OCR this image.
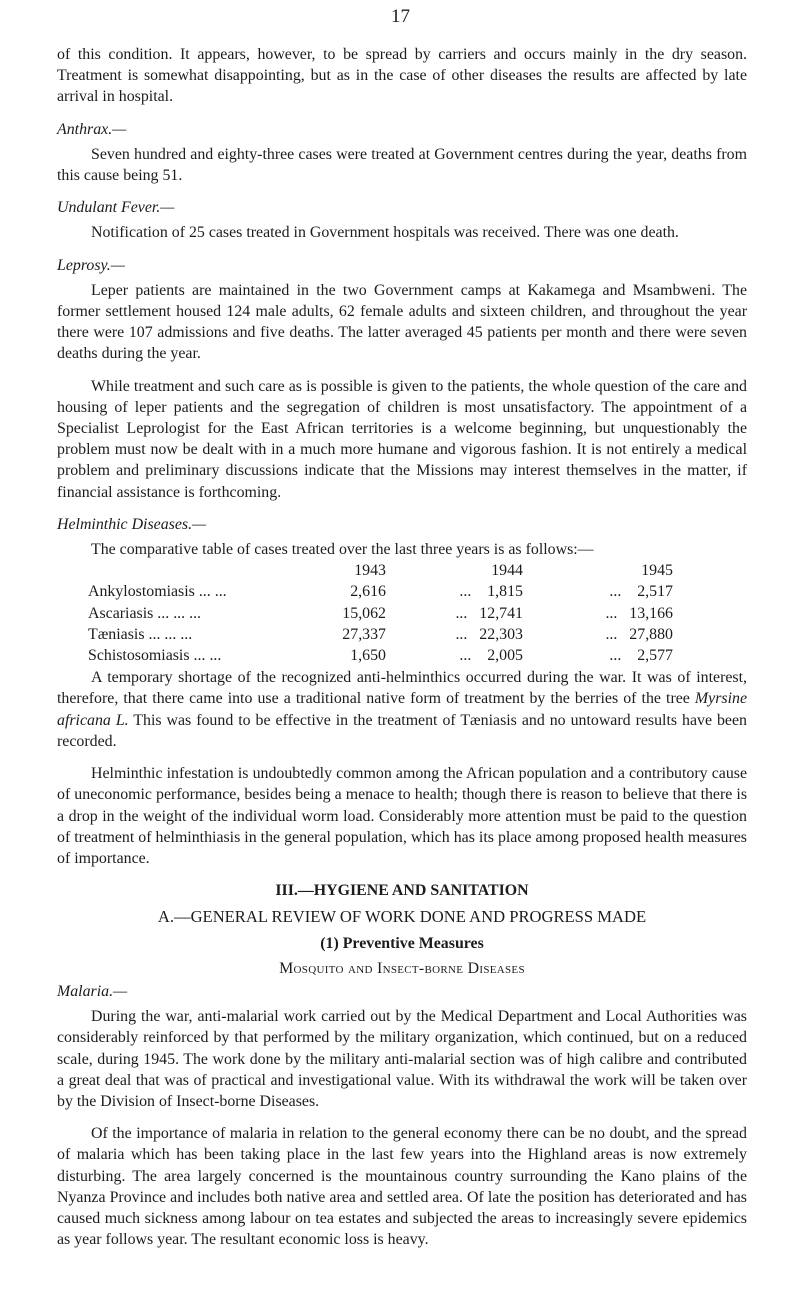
17

of this condition. It appears, however, to be spread by carriers and occurs mainly in the dry season. Treatment is somewhat disappointing, but as in the case of other diseases the results are affected by late arrival in hospital.

Anthrax.—

Seven hundred and eighty-three cases were treated at Government centres during the year, deaths from this cause being 51.

Undulant Fever.—

Notification of 25 cases treated in Government hospitals was received. There was one death.

Leprosy.—

Leper patients are maintained in the two Government camps at Kakamega and Msambweni. The former settlement housed 124 male adults, 62 female adults and sixteen children, and throughout the year there were 107 admissions and five deaths. The latter averaged 45 patients per month and there were seven deaths during the year.

While treatment and such care as is possible is given to the patients, the whole question of the care and housing of leper patients and the segregation of children is most unsatisfactory. The appointment of a Specialist Leprologist for the East African territories is a welcome beginning, but unquestionably the problem must now be dealt with in a much more humane and vigorous fashion. It is not entirely a medical problem and preliminary discussions indicate that the Missions may interest themselves in the matter, if financial assistance is forthcoming.

Helminthic Diseases.—

The comparative table of cases treated over the last three years is as follows:—

	1943	1944	1945
Ankylostomiasis ... ...	2,616	... 1,815	... 2,517
Ascariasis ... ... ...	15,062	... 12,741	... 13,166
Tæniasis ... ... ...	27,337	... 22,303	... 27,880
Schistosomiasis ... ...	1,650	... 2,005	... 2,577

A temporary shortage of the recognized anti-helminthics occurred during the war. It was of interest, therefore, that there came into use a traditional native form of treatment by the berries of the tree Myrsine africana L. This was found to be effective in the treatment of Tæniasis and no untoward results have been recorded.

Helminthic infestation is undoubtedly common among the African population and a contributory cause of uneconomic performance, besides being a menace to health; though there is reason to believe that there is a drop in the weight of the individual worm load. Considerably more attention must be paid to the question of treatment of helminthiasis in the general population, which has its place among proposed health measures of importance.

III.—HYGIENE AND SANITATION
A.—GENERAL REVIEW OF WORK DONE AND PROGRESS MADE
(1) Preventive Measures
Mosquito and Insect-borne Diseases
Malaria.—

During the war, anti-malarial work carried out by the Medical Department and Local Authorities was considerably reinforced by that performed by the military organization, which continued, but on a reduced scale, during 1945. The work done by the military anti-malarial section was of high calibre and contributed a great deal that was of practical and investigational value. With its withdrawal the work will be taken over by the Division of Insect-borne Diseases.

Of the importance of malaria in relation to the general economy there can be no doubt, and the spread of malaria which has been taking place in the last few years into the Highland areas is now extremely disturbing. The area largely concerned is the mountainous country surrounding the Kano plains of the Nyanza Province and includes both native area and settled area. Of late the position has deteriorated and has caused much sickness among labour on tea estates and subjected the areas to increasingly severe epidemics as year follows year. The resultant economic loss is heavy.
